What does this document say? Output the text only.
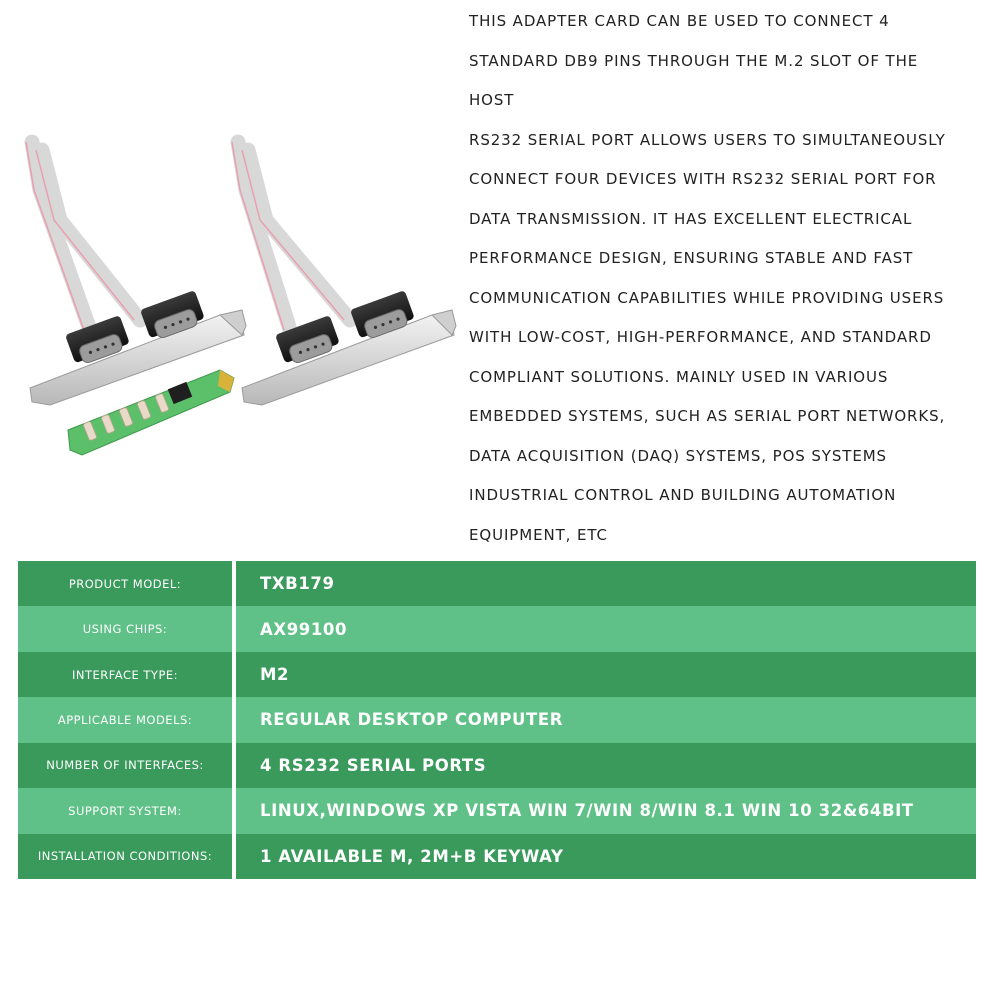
THIS ADAPTER CARD CAN BE USED TO CONNECT 4
STANDARD DB9 PINS THROUGH THE M.2 SLOT OF THE
HOST
RS232 SERIAL PORT ALLOWS USERS TO SIMULTANEOUSLY
CONNECT FOUR DEVICES WITH RS232 SERIAL PORT FOR
DATA TRANSMISSION. IT HAS EXCELLENT ELECTRICAL
PERFORMANCE DESIGN, ENSURING STABLE AND FAST
COMMUNICATION CAPABILITIES WHILE PROVIDING USERS
WITH LOW-COST, HIGH-PERFORMANCE, AND STANDARD
COMPLIANT SOLUTIONS. MAINLY USED IN VARIOUS
EMBEDDED SYSTEMS, SUCH AS SERIAL PORT NETWORKS,
DATA ACQUISITION (DAQ) SYSTEMS, POS SYSTEMS
INDUSTRIAL CONTROL AND BUILDING AUTOMATION
EQUIPMENT, ETC
PRODUCT MODEL:	TXB179
USING CHIPS:	AX99100
INTERFACE TYPE:	M2
APPLICABLE MODELS:	REGULAR DESKTOP COMPUTER
NUMBER OF INTERFACES:	4 RS232 SERIAL PORTS
SUPPORT SYSTEM:	LINUX,WINDOWS XP VISTA WIN 7/WIN 8/WIN 8.1 WIN 10 32&64BIT
INSTALLATION CONDITIONS:	1 AVAILABLE M, 2M+B KEYWAY
